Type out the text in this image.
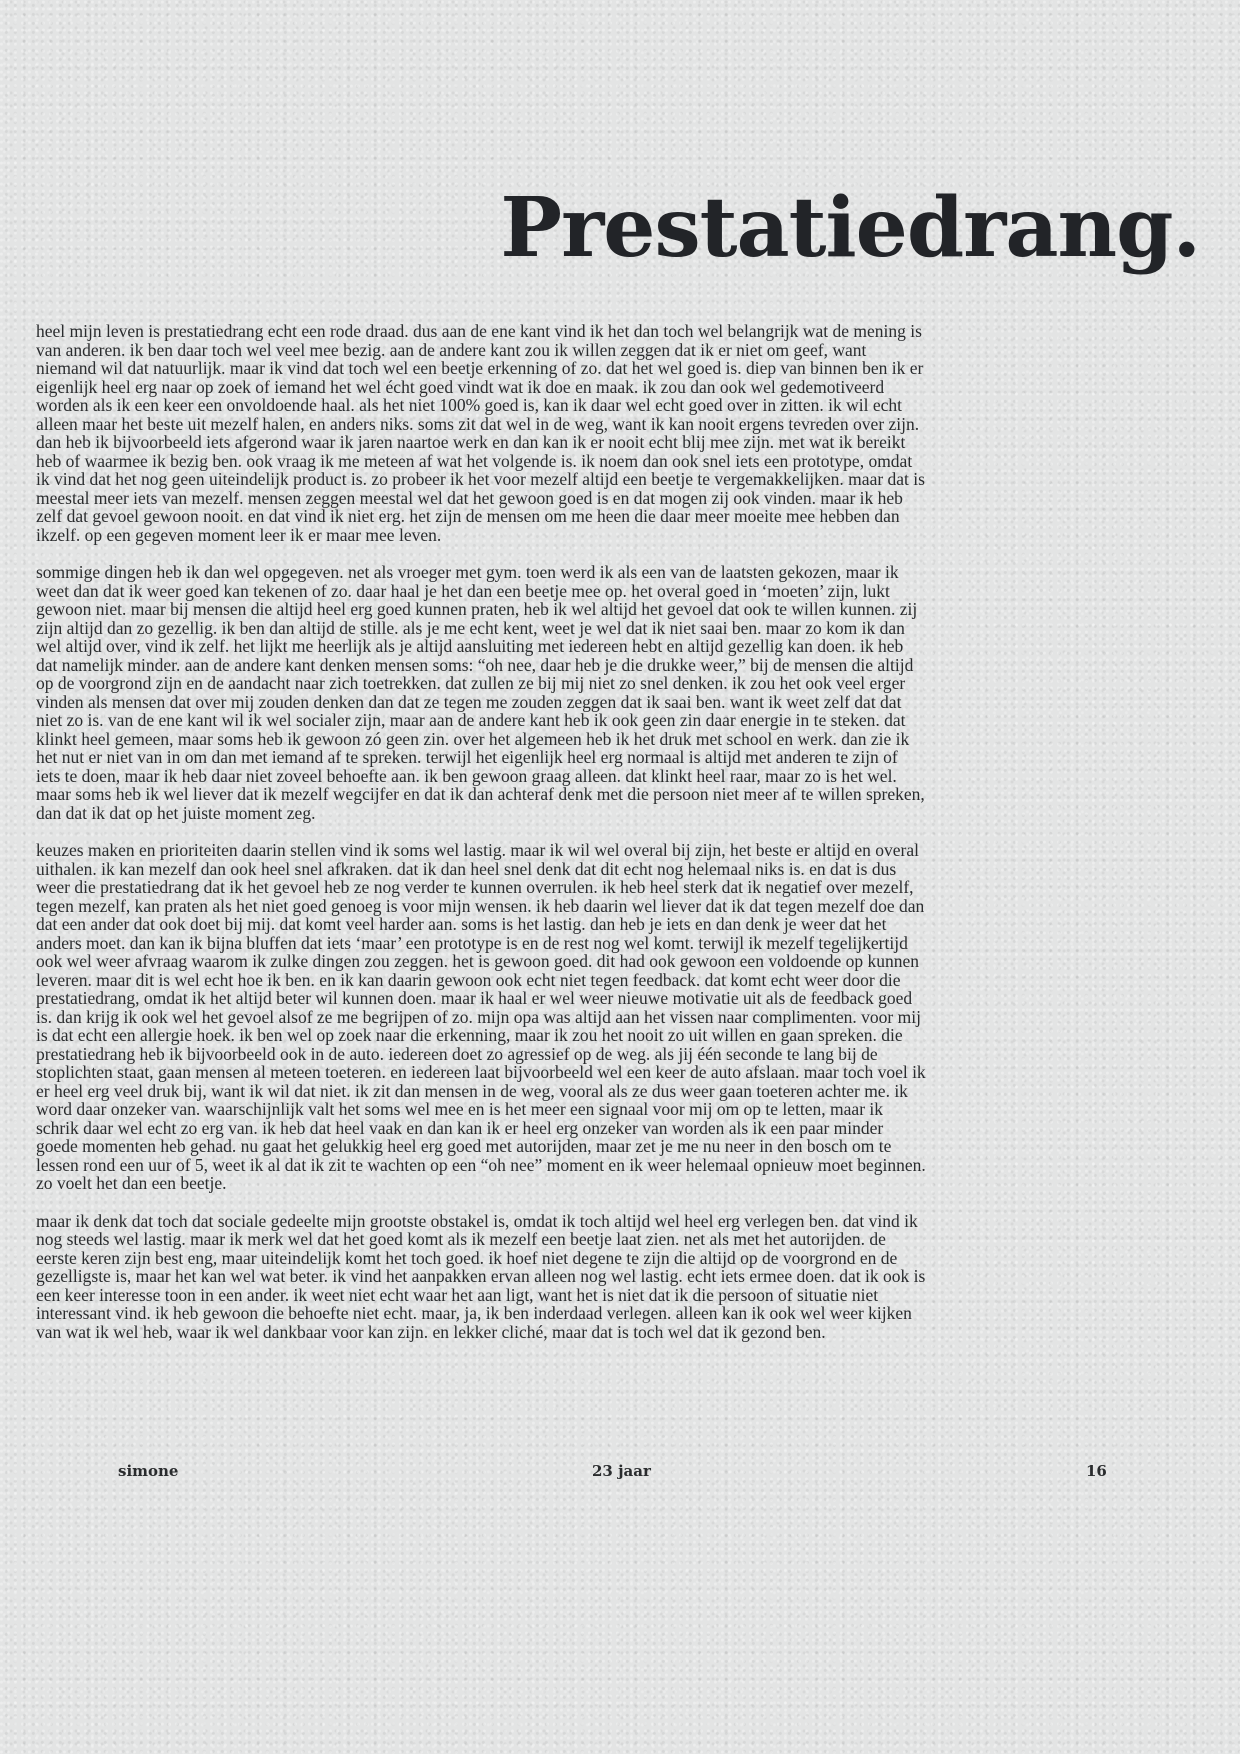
Prestatiedrang.

heel mijn leven is prestatiedrang echt een rode draad. dus aan de ene kant vind ik het dan toch wel belangrijk wat de mening is van anderen. ik ben daar toch wel veel mee bezig. aan de andere kant zou ik willen zeggen dat ik er niet om geef, want niemand wil dat natuurlijk. maar ik vind dat toch wel een beetje erkenning of zo. dat het wel goed is. diep van binnen ben ik er eigenlijk heel erg naar op zoek of iemand het wel écht goed vindt wat ik doe en maak. ik zou dan ook wel gedemotiveerd worden als ik een keer een onvoldoende haal. als het niet 100% goed is, kan ik daar wel echt goed over in zitten. ik wil echt alleen maar het beste uit mezelf halen, en anders niks. soms zit dat wel in de weg, want ik kan nooit ergens tevreden over zijn. dan heb ik bijvoorbeeld iets afgerond waar ik jaren naartoe werk en dan kan ik er nooit echt blij mee zijn. met wat ik bereikt heb of waarmee ik bezig ben. ook vraag ik me meteen af wat het volgende is. ik noem dan ook snel iets een prototype, omdat ik vind dat het nog geen uiteindelijk product is. zo probeer ik het voor mezelf altijd een beetje te vergemakkelijken. maar dat is meestal meer iets van mezelf. mensen zeggen meestal wel dat het gewoon goed is en dat mogen zij ook vinden. maar ik heb zelf dat gevoel gewoon nooit. en dat vind ik niet erg. het zijn de mensen om me heen die daar meer moeite mee hebben dan ikzelf. op een gegeven moment leer ik er maar mee leven.

sommige dingen heb ik dan wel opgegeven. net als vroeger met gym. toen werd ik als een van de laatsten gekozen, maar ik weet dan dat ik weer goed kan tekenen of zo. daar haal je het dan een beetje mee op. het overal goed in ‘moeten’ zijn, lukt gewoon niet. maar bij mensen die altijd heel erg goed kunnen praten, heb ik wel altijd het gevoel dat ook te willen kunnen. zij zijn altijd dan zo gezellig. ik ben dan altijd de stille. als je me echt kent, weet je wel dat ik niet saai ben. maar zo kom ik dan wel altijd over, vind ik zelf. het lijkt me heerlijk als je altijd aansluiting met iedereen hebt en altijd gezellig kan doen. ik heb dat namelijk minder. aan de andere kant denken mensen soms: “oh nee, daar heb je die drukke weer,” bij de mensen die altijd op de voorgrond zijn en de aandacht naar zich toetrekken. dat zullen ze bij mij niet zo snel denken. ik zou het ook veel erger vinden als mensen dat over mij zouden denken dan dat ze tegen me zouden zeggen dat ik saai ben. want ik weet zelf dat dat niet zo is. van de ene kant wil ik wel socialer zijn, maar aan de andere kant heb ik ook geen zin daar energie in te steken. dat klinkt heel gemeen, maar soms heb ik gewoon zó geen zin. over het algemeen heb ik het druk met school en werk. dan zie ik het nut er niet van in om dan met iemand af te spreken. terwijl het eigenlijk heel erg normaal is altijd met anderen te zijn of iets te doen, maar ik heb daar niet zoveel behoefte aan. ik ben gewoon graag alleen. dat klinkt heel raar, maar zo is het wel. maar soms heb ik wel liever dat ik mezelf wegcijfer en dat ik dan achteraf denk met die persoon niet meer af te willen spreken, dan dat ik dat op het juiste moment zeg.

keuzes maken en prioriteiten daarin stellen vind ik soms wel lastig. maar ik wil wel overal bij zijn, het beste er altijd en overal uithalen. ik kan mezelf dan ook heel snel afkraken. dat ik dan heel snel denk dat dit echt nog helemaal niks is. en dat is dus weer die prestatiedrang dat ik het gevoel heb ze nog verder te kunnen overrulen. ik heb heel sterk dat ik negatief over mezelf, tegen mezelf, kan praten als het niet goed genoeg is voor mijn wensen. ik heb daarin wel liever dat ik dat tegen mezelf doe dan dat een ander dat ook doet bij mij. dat komt veel harder aan. soms is het lastig. dan heb je iets en dan denk je weer dat het anders moet. dan kan ik bijna bluffen dat iets ‘maar’ een prototype is en de rest nog wel komt. terwijl ik mezelf tegelijkertijd ook wel weer afvraag waarom ik zulke dingen zou zeggen. het is gewoon goed. dit had ook gewoon een voldoende op kunnen leveren. maar dit is wel echt hoe ik ben. en ik kan daarin gewoon ook echt niet tegen feedback. dat komt echt weer door die prestatiedrang, omdat ik het altijd beter wil kunnen doen. maar ik haal er wel weer nieuwe motivatie uit als de feedback goed is. dan krijg ik ook wel het gevoel alsof ze me begrijpen of zo. mijn opa was altijd aan het vissen naar complimenten. voor mij is dat echt een allergie hoek. ik ben wel op zoek naar die erkenning, maar ik zou het nooit zo uit willen en gaan spreken. die prestatiedrang heb ik bijvoorbeeld ook in de auto. iedereen doet zo agressief op de weg. als jij één seconde te lang bij de stoplichten staat, gaan mensen al meteen toeteren. en iedereen laat bijvoorbeeld wel een keer de auto afslaan. maar toch voel ik er heel erg veel druk bij, want ik wil dat niet. ik zit dan mensen in de weg, vooral als ze dus weer gaan toeteren achter me. ik word daar onzeker van. waarschijnlijk valt het soms wel mee en is het meer een signaal voor mij om op te letten, maar ik schrik daar wel echt zo erg van. ik heb dat heel vaak en dan kan ik er heel erg onzeker van worden als ik een paar minder goede momenten heb gehad. nu gaat het gelukkig heel erg goed met autorijden, maar zet je me nu neer in den bosch om te lessen rond een uur of 5, weet ik al dat ik zit te wachten op een “oh nee” moment en ik weer helemaal opnieuw moet beginnen. zo voelt het dan een beetje.

maar ik denk dat toch dat sociale gedeelte mijn grootste obstakel is, omdat ik toch altijd wel heel erg verlegen ben. dat vind ik nog steeds wel lastig. maar ik merk wel dat het goed komt als ik mezelf een beetje laat zien. net als met het autorijden. de eerste keren zijn best eng, maar uiteindelijk komt het toch goed. ik hoef niet degene te zijn die altijd op de voorgrond en de gezelligste is, maar het kan wel wat beter. ik vind het aanpakken ervan alleen nog wel lastig. echt iets ermee doen. dat ik ook is een keer interesse toon in een ander. ik weet niet echt waar het aan ligt, want het is niet dat ik die persoon of situatie niet interessant vind. ik heb gewoon die behoefte niet echt. maar, ja, ik ben inderdaad verlegen. alleen kan ik ook wel weer kijken van wat ik wel heb, waar ik wel dankbaar voor kan zijn. en lekker cliché, maar dat is toch wel dat ik gezond ben.

simone	23 jaar	16
